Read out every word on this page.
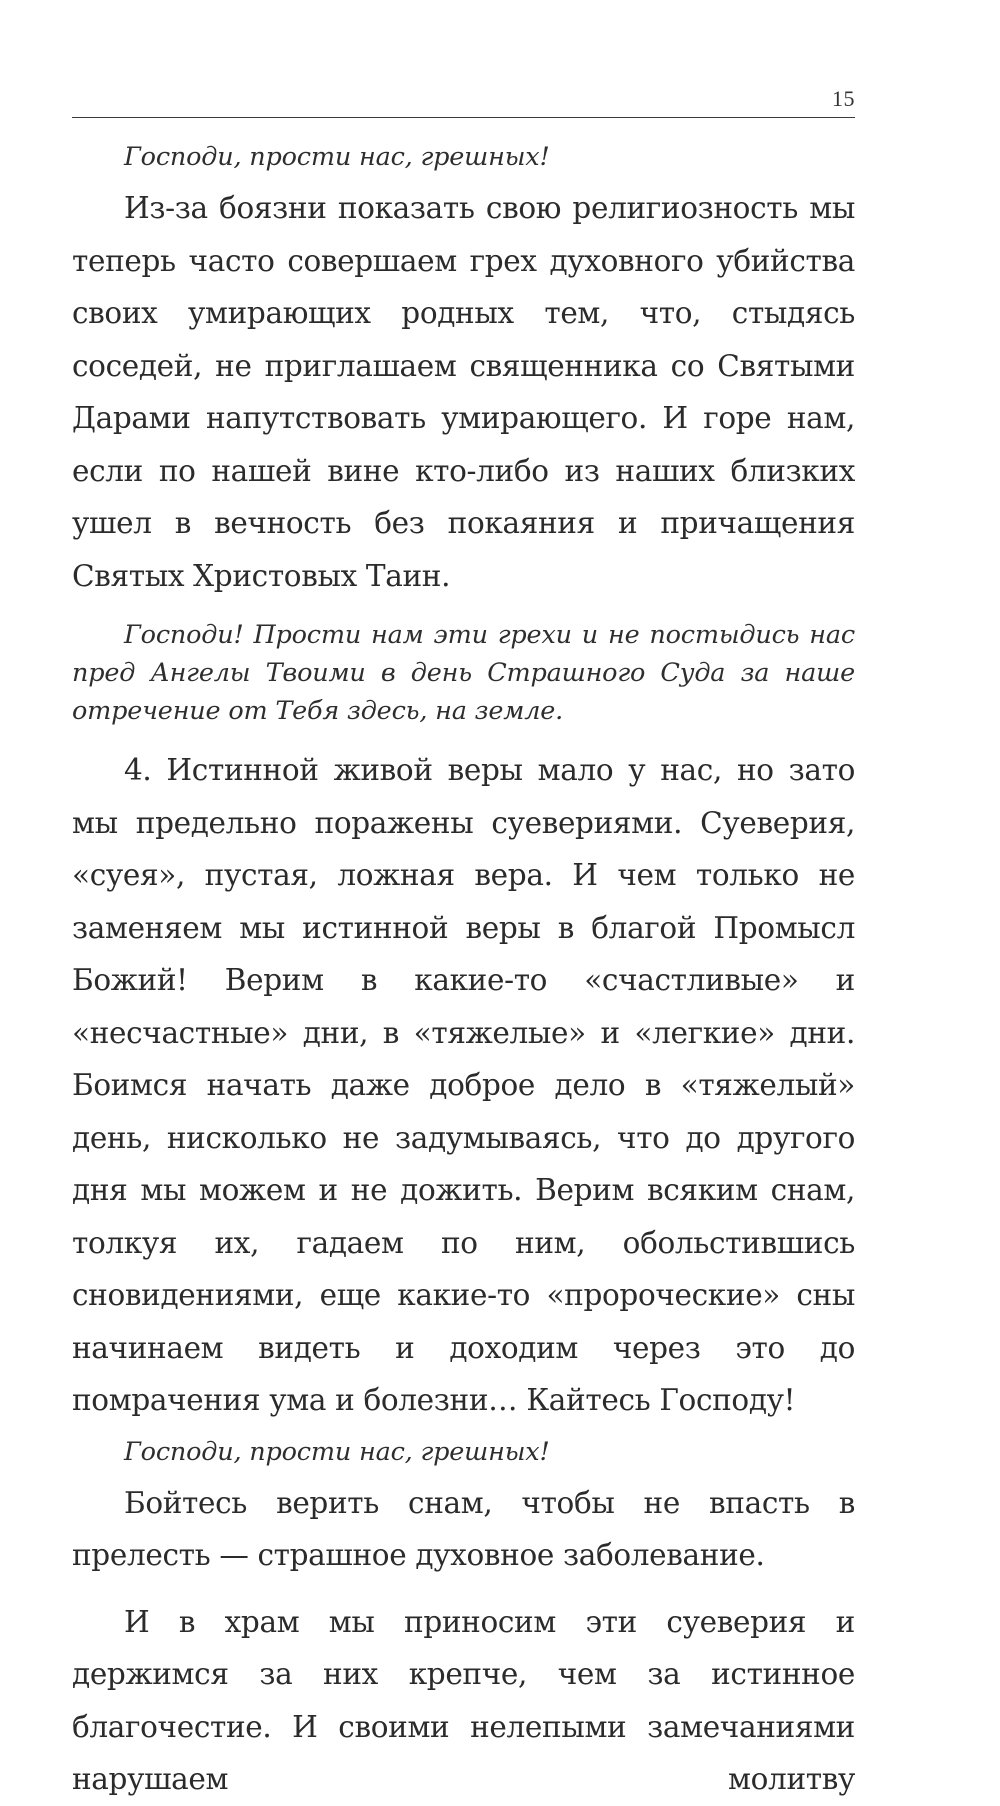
15

Господи, прости нас, грешных!

Из-за боязни показать свою религиозность мы теперь часто совершаем грех духовного убийства своих умирающих родных тем, что, стыдясь соседей, не приглашаем священника со Святыми Дарами напутствовать умирающего. И горе нам, если по нашей вине кто-либо из наших близких ушел в вечность без покаяния и причащения Святых Христовых Таин.

Господи! Прости нам эти грехи и не постыдись нас пред Ангелы Твоими в день Страшного Суда за наше отречение от Тебя здесь, на земле.

4. Истинной живой веры мало у нас, но зато мы предельно поражены суевериями. Суеверия, «суея», пустая, ложная вера. И чем только не заменяем мы истинной веры в благой Промысл Божий! Верим в какие-то «счастливые» и «несчастные» дни, в «тяжелые» и «легкие» дни. Боимся начать даже доброе дело в «тяжелый» день, нисколько не задумываясь, что до другого дня мы можем и не дожить. Верим всяким снам, толкуя их, гадаем по ним, обольстившись сновидениями, еще какие-то «пророческие» сны начинаем видеть и доходим через это до помрачения ума и болезни… Кайтесь Господу!

Господи, прости нас, грешных!

Бойтесь верить снам, чтобы не впасть в прелесть — страшное духовное заболевание.

И в храм мы приносим эти суеверия и держимся за них крепче, чем за истинное благочестие. И своими нелепыми замечаниями нарушаем молитву
